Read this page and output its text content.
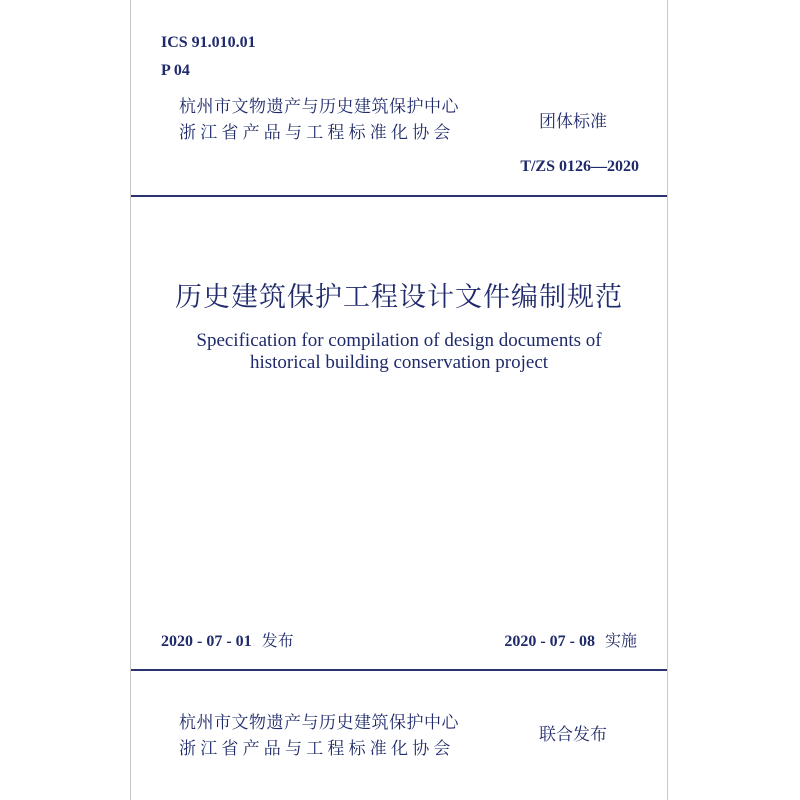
ICS 91.010.01
P 04
杭州市文物遗产与历史建筑保护中心
浙江省产品与工程标准化协会
团体标准
T/ZS 0126—2020
历史建筑保护工程设计文件编制规范
Specification for compilation of design documents of
historical building conservation project
2020 - 07 - 01 发布	2020 - 07 - 08 实施
杭州市文物遗产与历史建筑保护中心
浙江省产品与工程标准化协会
联合发布
